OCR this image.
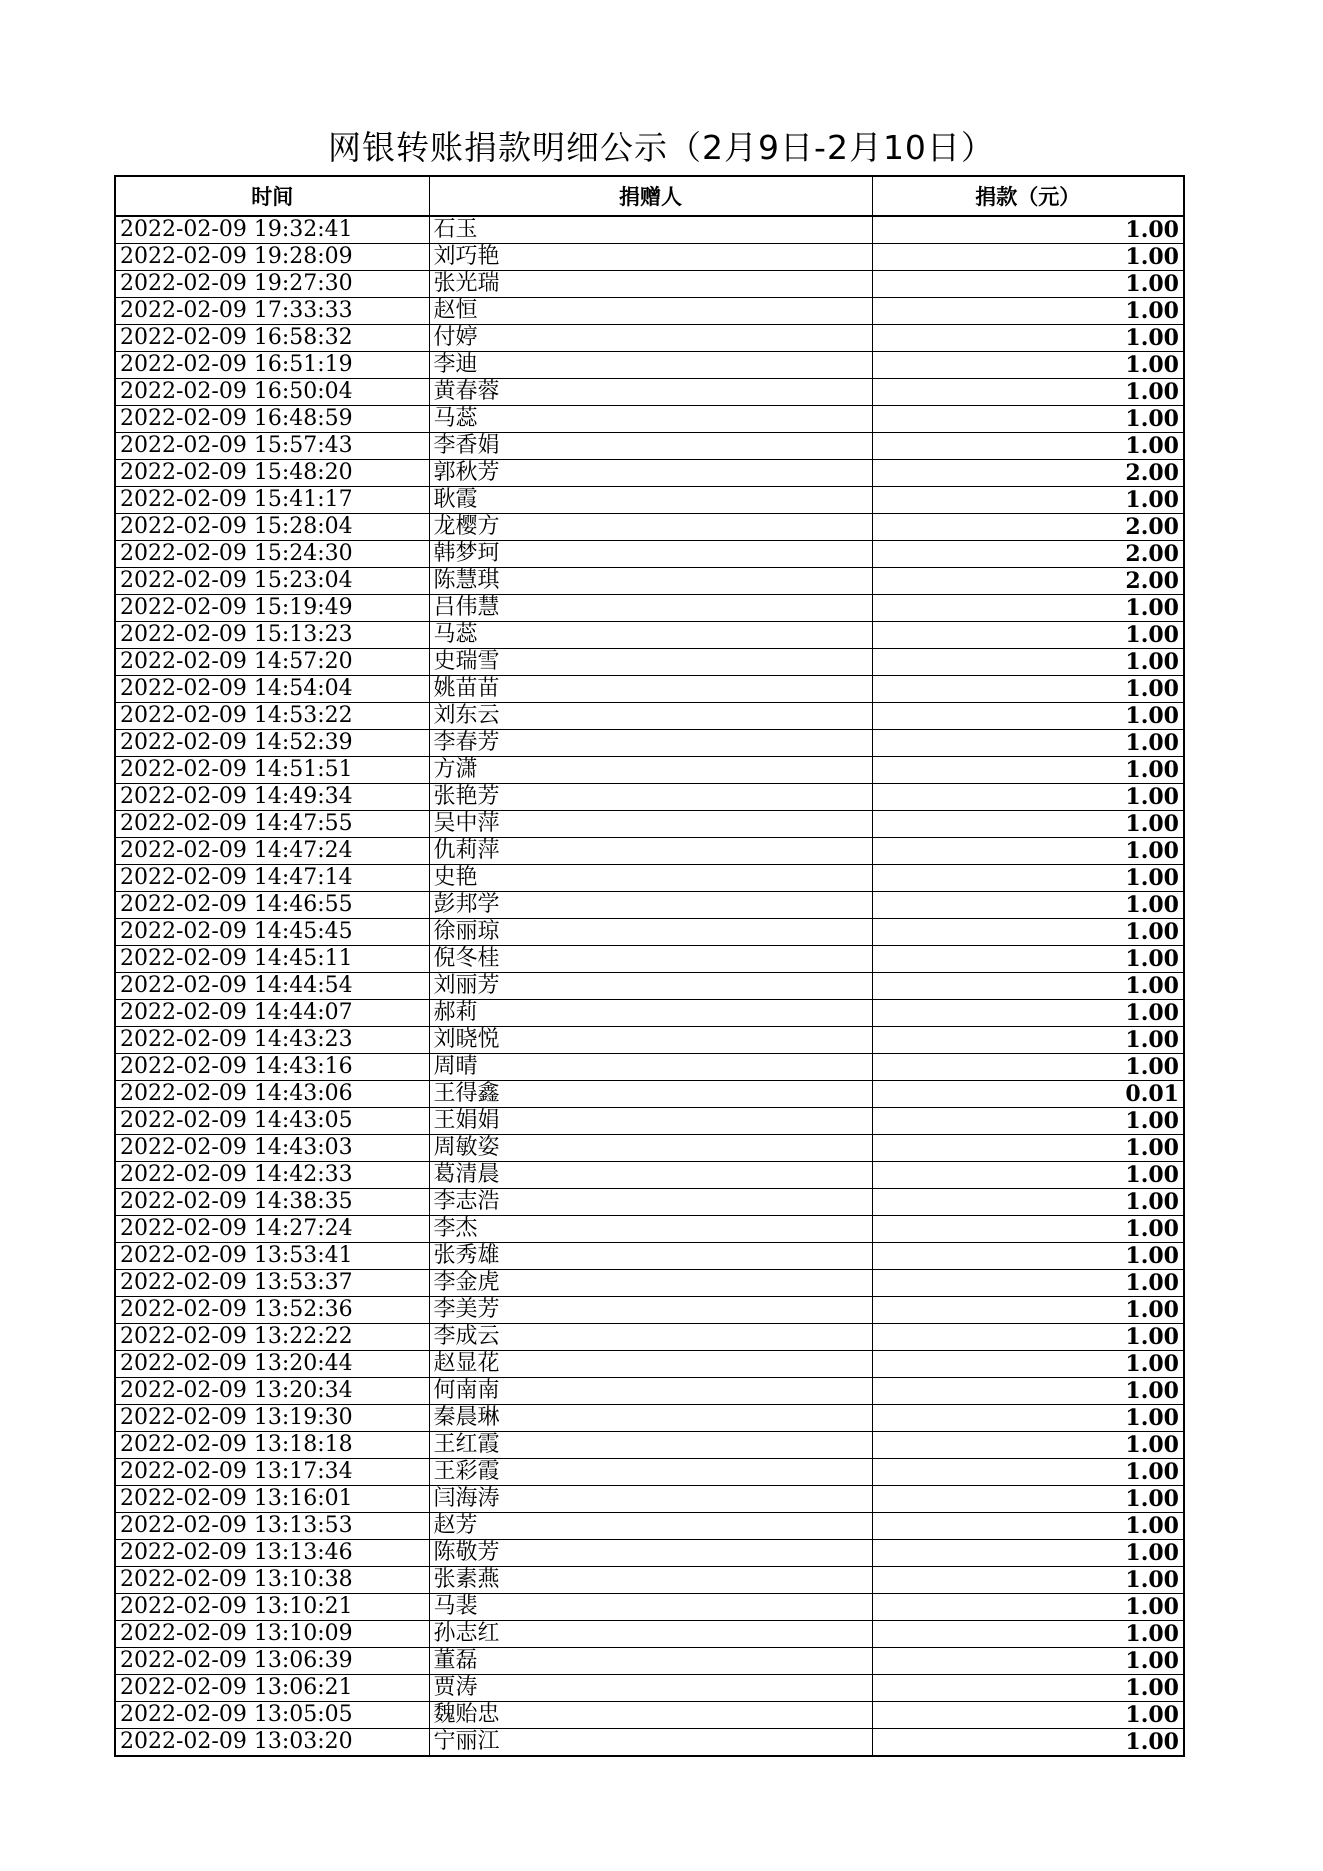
网银转账捐款明细公示（2月9日-2月10日）
时间	捐赠人	捐款（元）
2022-02-09 19:32:41	石玉	1.00
2022-02-09 19:28:09	刘巧艳	1.00
2022-02-09 19:27:30	张光瑞	1.00
2022-02-09 17:33:33	赵恒	1.00
2022-02-09 16:58:32	付婷	1.00
2022-02-09 16:51:19	李迪	1.00
2022-02-09 16:50:04	黄春蓉	1.00
2022-02-09 16:48:59	马蕊	1.00
2022-02-09 15:57:43	李香娟	1.00
2022-02-09 15:48:20	郭秋芳	2.00
2022-02-09 15:41:17	耿霞	1.00
2022-02-09 15:28:04	龙樱方	2.00
2022-02-09 15:24:30	韩梦珂	2.00
2022-02-09 15:23:04	陈慧琪	2.00
2022-02-09 15:19:49	吕伟慧	1.00
2022-02-09 15:13:23	马蕊	1.00
2022-02-09 14:57:20	史瑞雪	1.00
2022-02-09 14:54:04	姚苗苗	1.00
2022-02-09 14:53:22	刘东云	1.00
2022-02-09 14:52:39	李春芳	1.00
2022-02-09 14:51:51	方潇	1.00
2022-02-09 14:49:34	张艳芳	1.00
2022-02-09 14:47:55	吴中萍	1.00
2022-02-09 14:47:24	仇莉萍	1.00
2022-02-09 14:47:14	史艳	1.00
2022-02-09 14:46:55	彭邦学	1.00
2022-02-09 14:45:45	徐丽琼	1.00
2022-02-09 14:45:11	倪冬桂	1.00
2022-02-09 14:44:54	刘丽芳	1.00
2022-02-09 14:44:07	郝莉	1.00
2022-02-09 14:43:23	刘晓悦	1.00
2022-02-09 14:43:16	周晴	1.00
2022-02-09 14:43:06	王得鑫	0.01
2022-02-09 14:43:05	王娟娟	1.00
2022-02-09 14:43:03	周敏姿	1.00
2022-02-09 14:42:33	葛清晨	1.00
2022-02-09 14:38:35	李志浩	1.00
2022-02-09 14:27:24	李杰	1.00
2022-02-09 13:53:41	张秀雄	1.00
2022-02-09 13:53:37	李金虎	1.00
2022-02-09 13:52:36	李美芳	1.00
2022-02-09 13:22:22	李成云	1.00
2022-02-09 13:20:44	赵显花	1.00
2022-02-09 13:20:34	何南南	1.00
2022-02-09 13:19:30	秦晨琳	1.00
2022-02-09 13:18:18	王红霞	1.00
2022-02-09 13:17:34	王彩霞	1.00
2022-02-09 13:16:01	闫海涛	1.00
2022-02-09 13:13:53	赵芳	1.00
2022-02-09 13:13:46	陈敬芳	1.00
2022-02-09 13:10:38	张素燕	1.00
2022-02-09 13:10:21	马裴	1.00
2022-02-09 13:10:09	孙志红	1.00
2022-02-09 13:06:39	董磊	1.00
2022-02-09 13:06:21	贾涛	1.00
2022-02-09 13:05:05	魏贻忠	1.00
2022-02-09 13:03:20	宁丽江	1.00
